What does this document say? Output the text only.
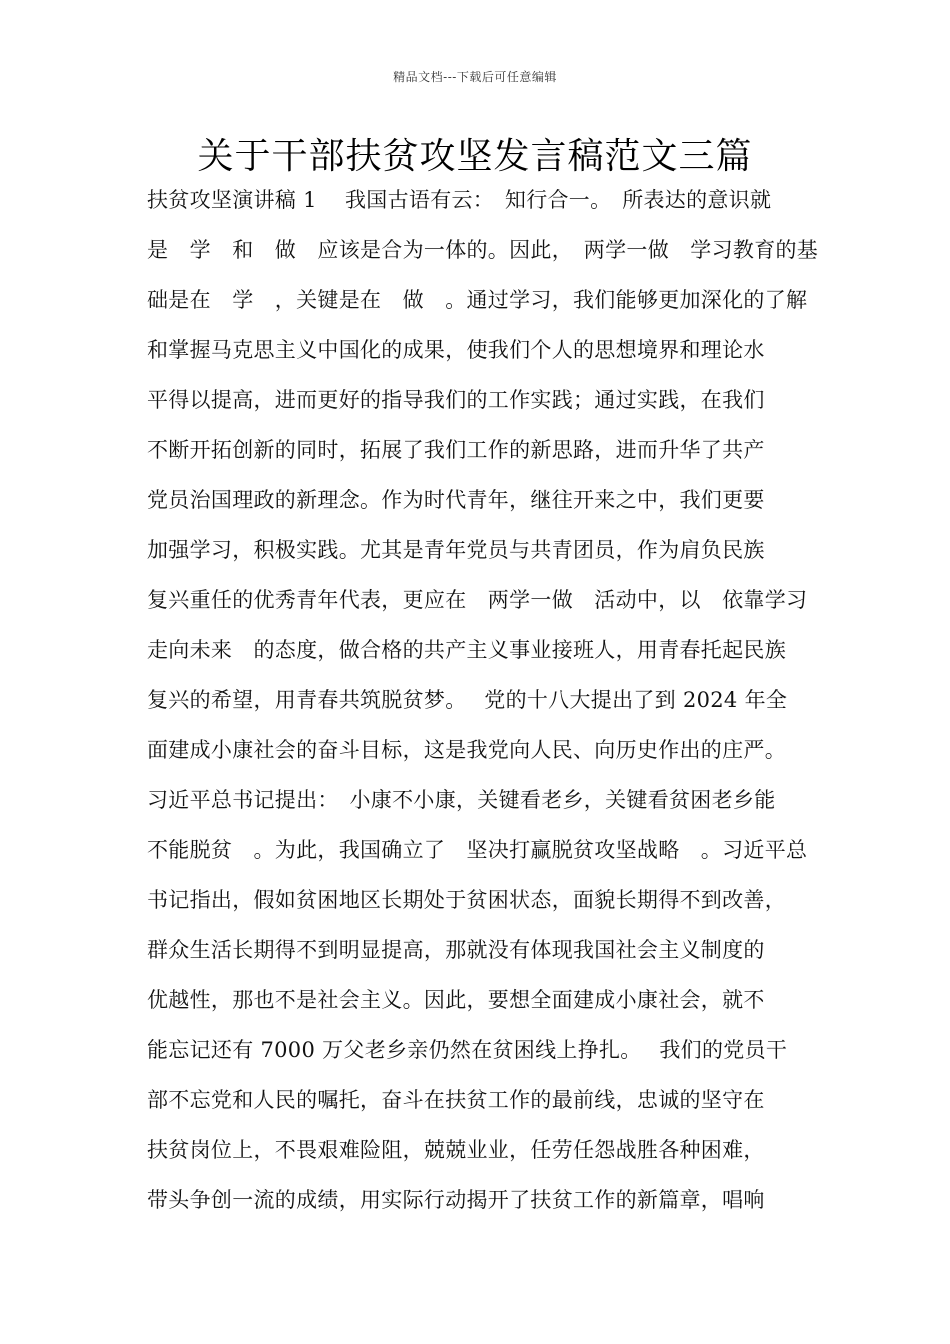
精品文档---下载后可任意编辑
关于干部扶贫攻坚发言稿范文三篇
扶贫攻坚演讲稿 1　 我国古语有云：　知行合一。　所表达的意识就
是　学　和　做　应该是合为一体的。因此，　两学一做　学习教育的基
础是在　学　，关键是在　做　。通过学习，我们能够更加深化的了解
和掌握马克思主义中国化的成果，使我们个人的思想境界和理论水
平得以提高，进而更好的指导我们的工作实践；通过实践，在我们
不断开拓创新的同时，拓展了我们工作的新思路，进而升华了共产
党员治国理政的新理念。作为时代青年，继往开来之中，我们更要
加强学习，积极实践。尤其是青年党员与共青团员，作为肩负民族
复兴重任的优秀青年代表，更应在　两学一做　活动中，以　依靠学习
走向未来　的态度，做合格的共产主义事业接班人，用青春托起民族
复兴的希望，用青春共筑脱贫梦。　 党的十八大提出了到 2024 年全
面建成小康社会的奋斗目标，这是我党向人民、向历史作出的庄严。
习近平总书记提出：　小康不小康，关键看老乡，关键看贫困老乡能
不能脱贫　。为此，我国确立了　坚决打赢脱贫攻坚战略　。习近平总
书记指出，假如贫困地区长期处于贫困状态，面貌长期得不到改善，
群众生活长期得不到明显提高，那就没有体现我国社会主义制度的
优越性，那也不是社会主义。因此，要想全面建成小康社会，就不
能忘记还有 7000 万父老乡亲仍然在贫困线上挣扎。　 我们的党员干
部不忘党和人民的嘱托，奋斗在扶贫工作的最前线，忠诚的坚守在
扶贫岗位上，不畏艰难险阻，兢兢业业，任劳任怨战胜各种困难，
带头争创一流的成绩，用实际行动揭开了扶贫工作的新篇章，唱响
